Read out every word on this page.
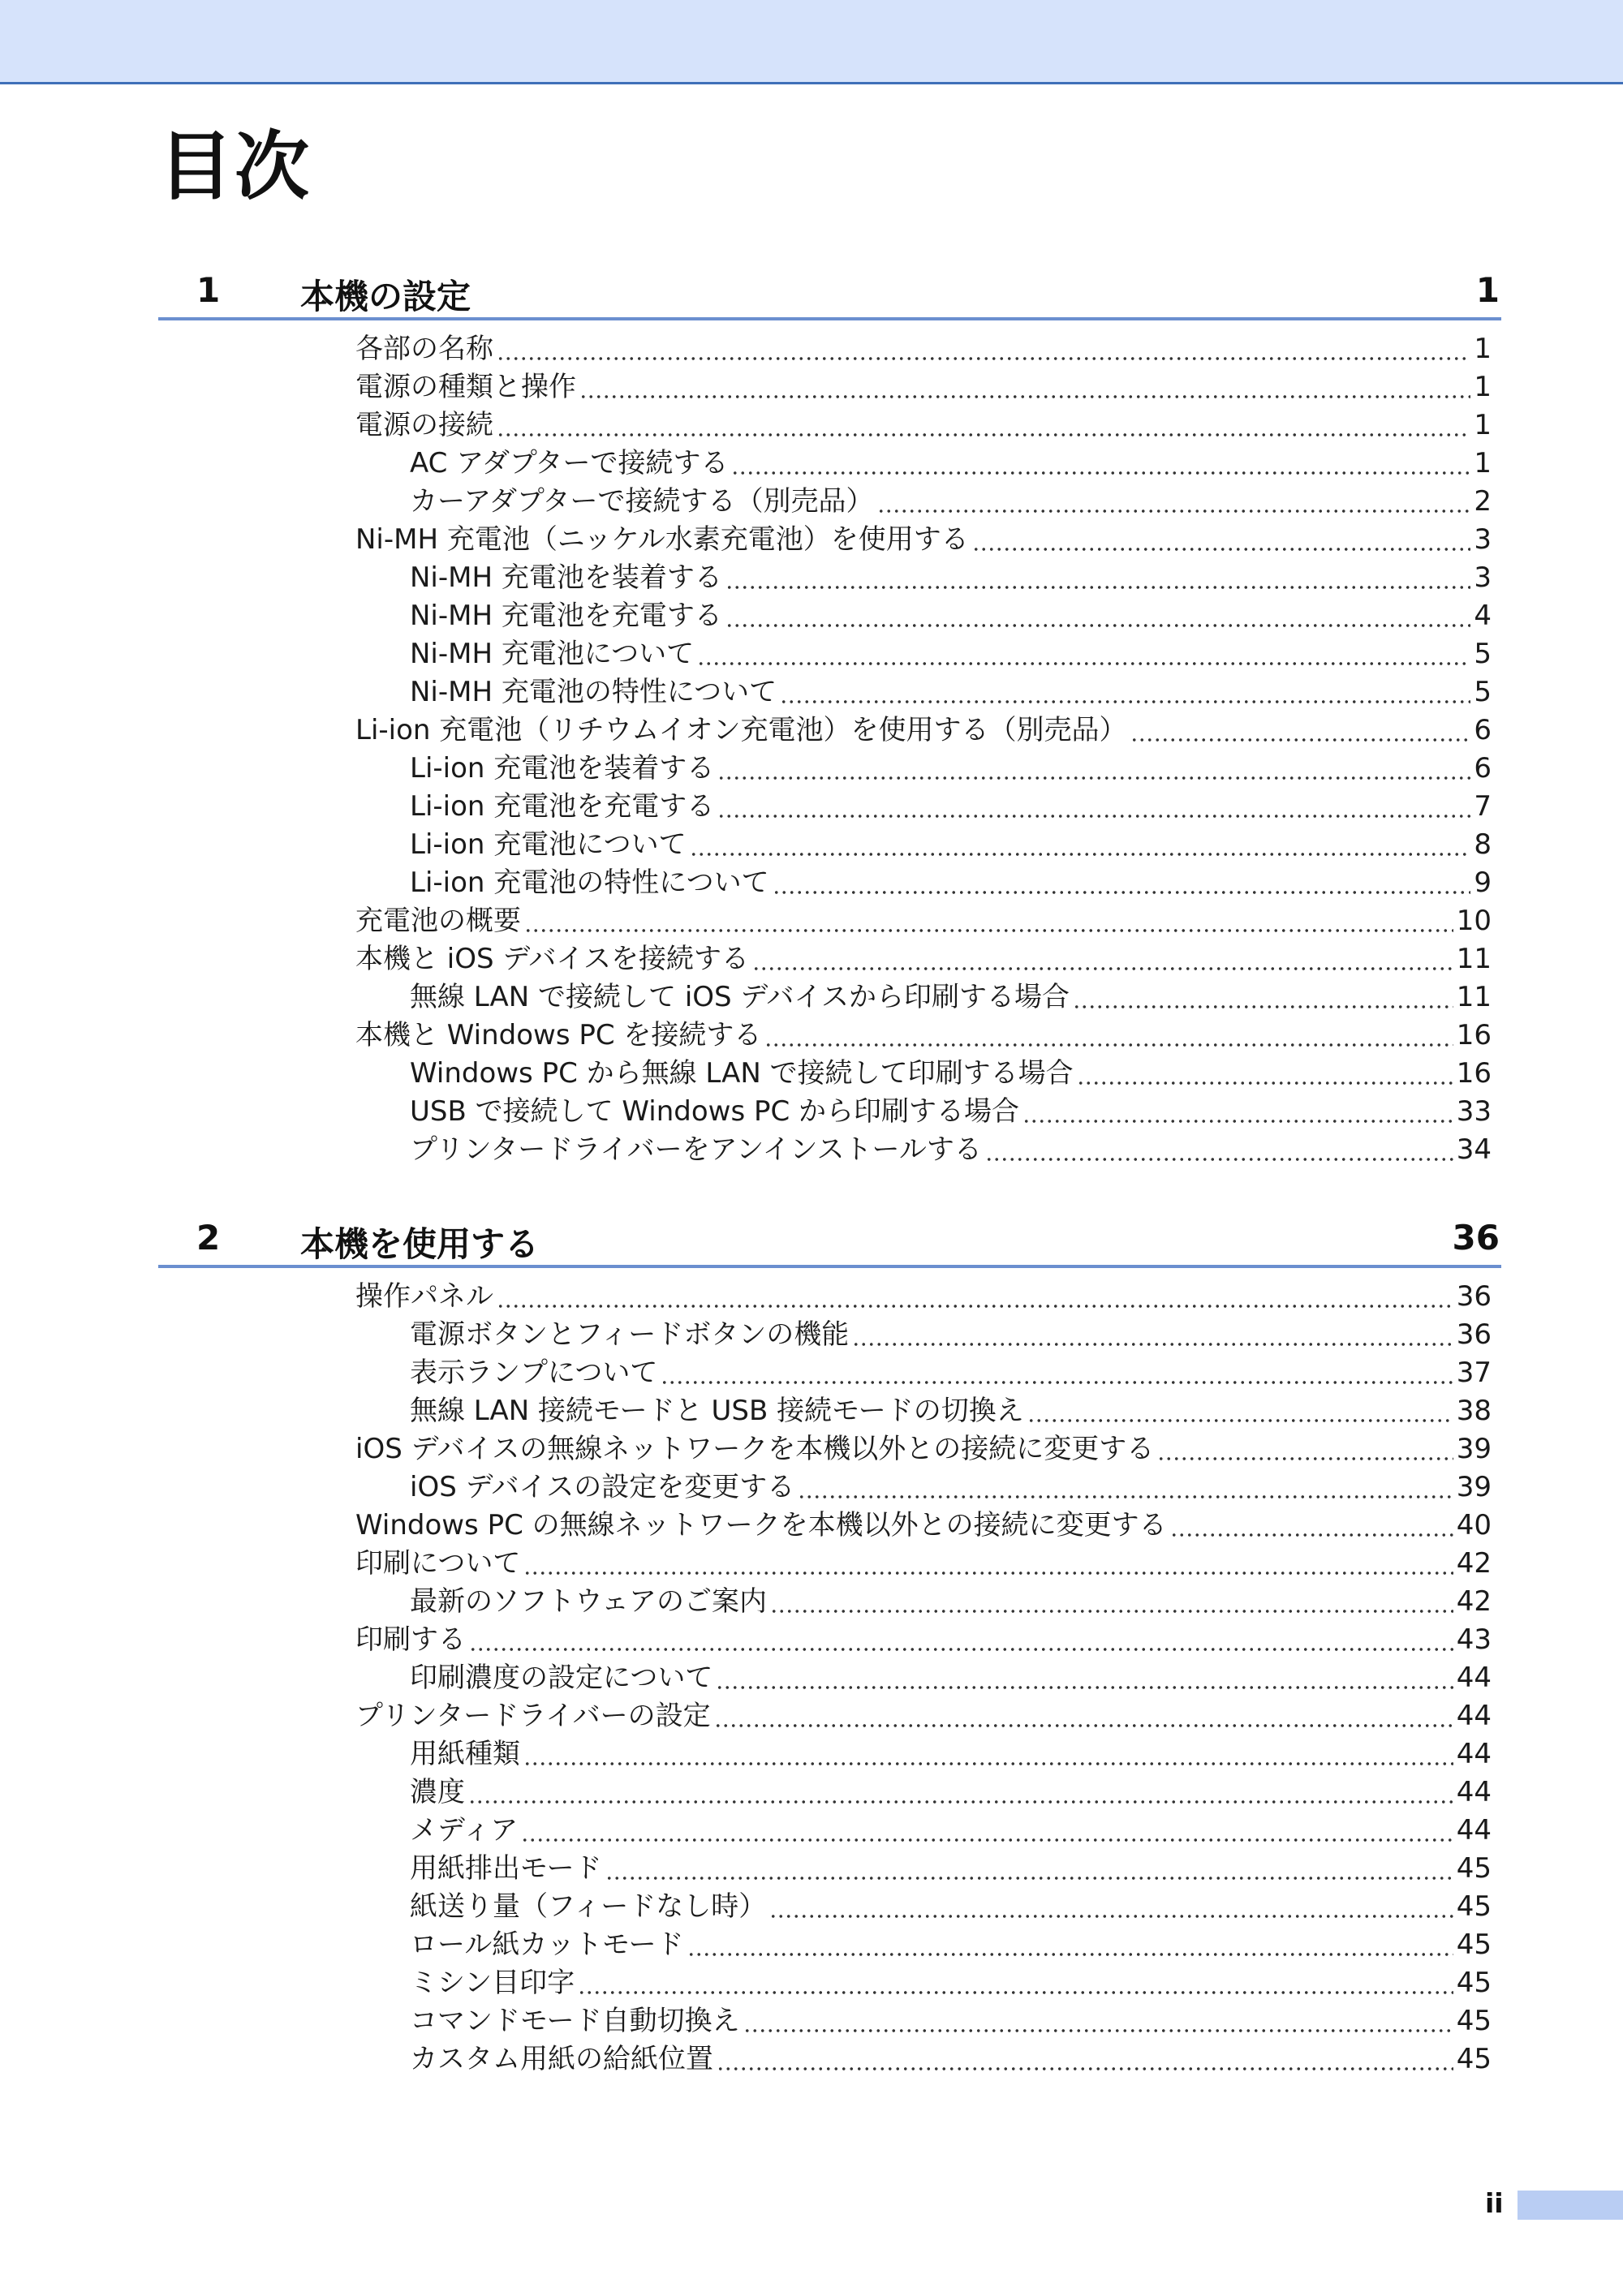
目次
1 本機の設定	1
各部の名称	1
電源の種類と操作	1
電源の接続	1
AC アダプターで接続する	1
カーアダプターで接続する（別売品）	2
Ni-MH 充電池（ニッケル水素充電池）を使用する	3
Ni-MH 充電池を装着する	3
Ni-MH 充電池を充電する	4
Ni-MH 充電池について	5
Ni-MH 充電池の特性について	5
Li-ion 充電池（リチウムイオン充電池）を使用する（別売品）	6
Li-ion 充電池を装着する	6
Li-ion 充電池を充電する	7
Li-ion 充電池について	8
Li-ion 充電池の特性について	9
充電池の概要	10
本機と iOS デバイスを接続する	11
無線 LAN で接続して iOS デバイスから印刷する場合	11
本機と Windows PC を接続する	16
Windows PC から無線 LAN で接続して印刷する場合	16
USB で接続して Windows PC から印刷する場合	33
プリンタードライバーをアンインストールする	34
2 本機を使用する	36
操作パネル	36
電源ボタンとフィードボタンの機能	36
表示ランプについて	37
無線 LAN 接続モードと USB 接続モードの切換え	38
iOS デバイスの無線ネットワークを本機以外との接続に変更する	39
iOS デバイスの設定を変更する	39
Windows PC の無線ネットワークを本機以外との接続に変更する	40
印刷について	42
最新のソフトウェアのご案内	42
印刷する	43
印刷濃度の設定について	44
プリンタードライバーの設定	44
用紙種類	44
濃度	44
メディア	44
用紙排出モード	45
紙送り量（フィードなし時）	45
ロール紙カットモード	45
ミシン目印字	45
コマンドモード自動切換え	45
カスタム用紙の給紙位置	45
ii
